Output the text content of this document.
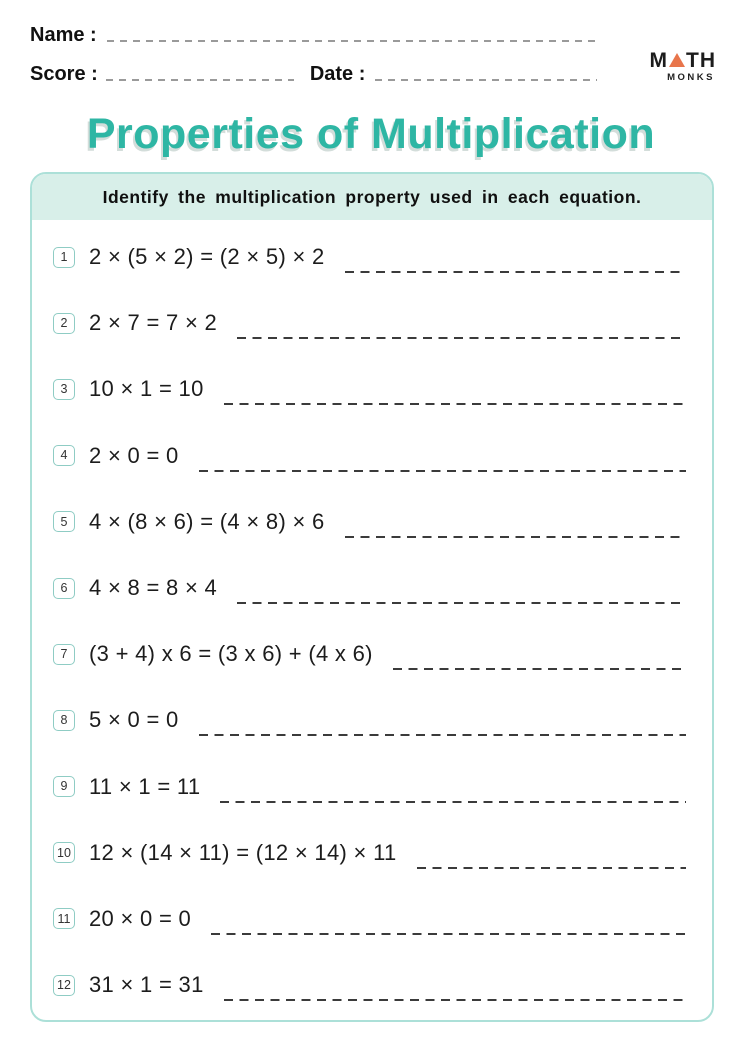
Name :
Score :	Date :
M TH
MONKS
Properties of Multiplication
Identify the multiplication property used in each equation.
1 2 × (5 × 2) = (2 × 5) × 2
2 2 × 7 = 7 × 2
3 10 × 1 = 10
4 2 × 0 = 0
5 4 × (8 × 6) = (4 × 8) × 6
6 4 × 8 = 8 × 4
7 (3 + 4) x 6 = (3 x 6) + (4 x 6)
8 5 × 0 = 0
9 11 × 1 = 11
10 12 × (14 × 11) = (12 × 14) × 11
11 20 × 0 = 0
12 31 × 1 = 31
